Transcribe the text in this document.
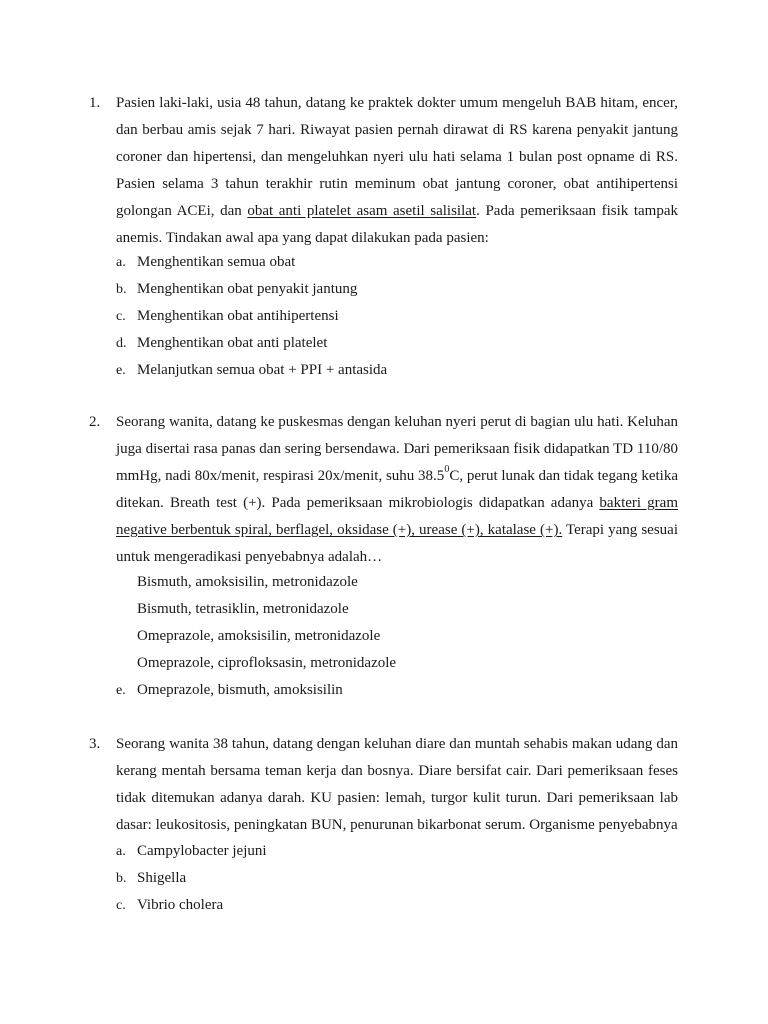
1.	Pasien laki-laki, usia 48 tahun, datang ke praktek dokter umum mengeluh BAB hitam, encer, dan berbau amis sejak 7 hari. Riwayat pasien pernah dirawat di RS karena penyakit jantung coroner dan hipertensi, dan mengeluhkan nyeri ulu hati selama 1 bulan post opname di RS. Pasien selama 3 tahun terakhir rutin meminum obat jantung coroner, obat antihipertensi golongan ACEi, dan obat anti platelet asam asetil salisilat. Pada pemeriksaan fisik tampak anemis. Tindakan awal apa yang dapat dilakukan pada pasien:

a. Menghentikan semua obat
b. Menghentikan obat penyakit jantung
c. Menghentikan obat antihipertensi
d. Menghentikan obat anti platelet
e. Melanjutkan semua obat + PPI + antasida
2.	Seorang wanita, datang ke puskesmas dengan keluhan nyeri perut di bagian ulu hati. Keluhan juga disertai rasa panas dan sering bersendawa. Dari pemeriksaan fisik didapatkan TD 110/80 mmHg, nadi 80x/menit, respirasi 20x/menit, suhu 38.5$^0$C, perut lunak dan tidak tegang ketika ditekan. Breath test (+). Pada pemeriksaan mikrobiologis didapatkan adanya bakteri gram negative berbentuk spiral, berflagel, oksidase (+), urease (+), katalase (+). Terapi yang sesuai untuk mengeradikasi penyebabnya adalah…

Bismuth, amoksisilin, metronidazole
Bismuth, tetrasiklin, metronidazole
Omeprazole, amoksisilin, metronidazole
Omeprazole, ciprofloksasin, metronidazole
e. Omeprazole, bismuth, amoksisilin
3.	Seorang wanita 38 tahun, datang dengan keluhan diare dan muntah sehabis makan udang dan kerang mentah bersama teman kerja dan bosnya. Diare bersifat cair. Dari pemeriksaan feses tidak ditemukan adanya darah. KU pasien: lemah, turgor kulit turun. Dari pemeriksaan lab dasar: leukositosis, peningkatan BUN, penurunan bikarbonat serum. Organisme penyebabnya

a. Campylobacter jejuni
b. Shigella
c. Vibrio cholera
